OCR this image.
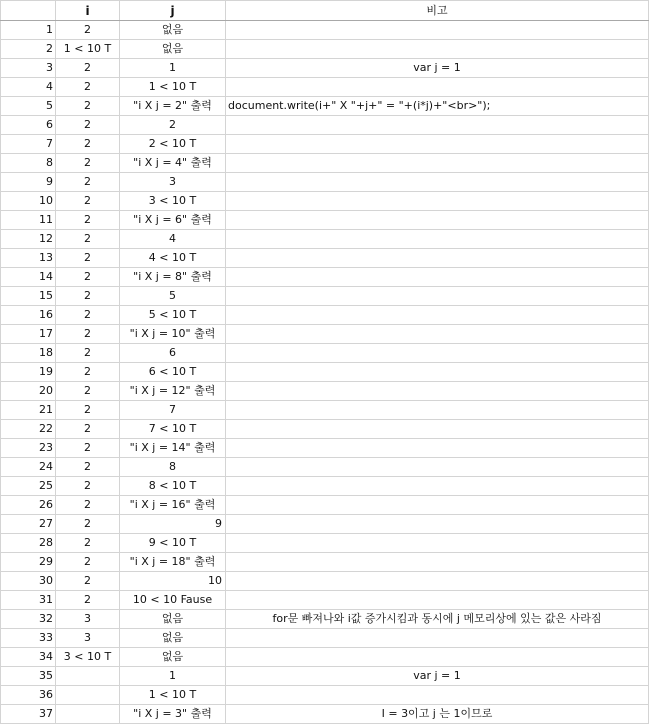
	i	j	비고
1	2	없음	
2	1 < 10 T	없음	
3	2	1	var j = 1
4	2	1 < 10 T	
5	2	"i X j = 2" 출력	document.write(i+" X "+j+" = "+(i*j)+"<br>");
6	2	2	
7	2	2 < 10 T	
8	2	"i X j = 4" 출력	
9	2	3	
10	2	3 < 10 T	
11	2	"i X j = 6" 출력	
12	2	4	
13	2	4 < 10 T	
14	2	"i X j = 8" 출력	
15	2	5	
16	2	5 < 10 T	
17	2	"i X j = 10" 출력	
18	2	6	
19	2	6 < 10 T	
20	2	"i X j = 12" 출력	
21	2	7	
22	2	7 < 10 T	
23	2	"i X j = 14" 출력	
24	2	8	
25	2	8 < 10 T	
26	2	"i X j = 16" 출력	
27	2	9	
28	2	9 < 10 T	
29	2	"i X j = 18" 출력	
30	2	10	
31	2	10 < 10 Fause	
32	3	없음	for문 빠져나와 i값 증가시킴과 동시에 j 메모리상에 있는 값은 사라짐
33	3	없음	
34	3 < 10 T	없음	
35		1	var j = 1
36		1 < 10 T	
37		"i X j = 3" 출력	I = 3이고 j 는 1이므로
